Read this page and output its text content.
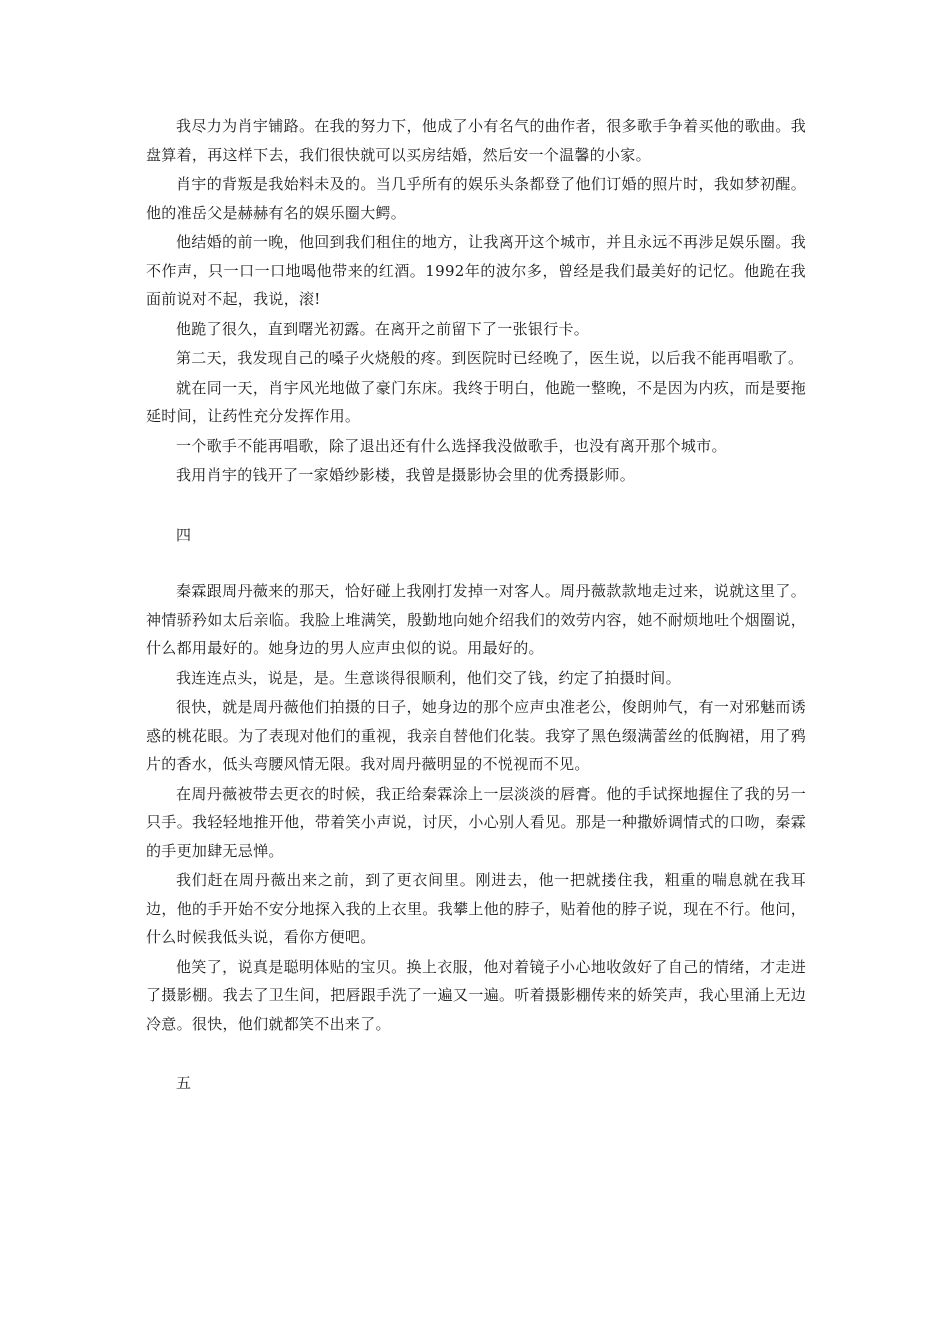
我尽力为肖宇铺路。在我的努力下，他成了小有名气的曲作者，很多歌手争着买他的歌曲。我盘算着，再这样下去，我们很快就可以买房结婚，然后安一个温馨的小家。

肖宇的背叛是我始料未及的。当几乎所有的娱乐头条都登了他们订婚的照片时，我如梦初醒。他的准岳父是赫赫有名的娱乐圈大鳄。

他结婚的前一晚，他回到我们租住的地方，让我离开这个城市，并且永远不再涉足娱乐圈。我不作声，只一口一口地喝他带来的红酒。1992年的波尔多，曾经是我们最美好的记忆。他跪在我面前说对不起，我说，滚!

他跪了很久，直到曙光初露。在离开之前留下了一张银行卡。

第二天，我发现自己的嗓子火烧般的疼。到医院时已经晚了，医生说，以后我不能再唱歌了。

就在同一天，肖宇风光地做了豪门东床。我终于明白，他跪一整晚，不是因为内疚，而是要拖延时间，让药性充分发挥作用。

一个歌手不能再唱歌，除了退出还有什么选择我没做歌手，也没有离开那个城市。

我用肖宇的钱开了一家婚纱影楼，我曾是摄影协会里的优秀摄影师。

四

秦霖跟周丹薇来的那天，恰好碰上我刚打发掉一对客人。周丹薇款款地走过来，说就这里了。神情骄矜如太后亲临。我脸上堆满笑，殷勤地向她介绍我们的效劳内容，她不耐烦地吐个烟圈说，什么都用最好的。她身边的男人应声虫似的说。用最好的。

我连连点头，说是，是。生意谈得很顺利，他们交了钱，约定了拍摄时间。

很快，就是周丹薇他们拍摄的日子，她身边的那个应声虫准老公，俊朗帅气，有一对邪魅而诱惑的桃花眼。为了表现对他们的重视，我亲自替他们化装。我穿了黑色缀满蕾丝的低胸裙，用了鸦片的香水，低头弯腰风情无限。我对周丹薇明显的不悦视而不见。

在周丹薇被带去更衣的时候，我正给秦霖涂上一层淡淡的唇膏。他的手试探地握住了我的另一只手。我轻轻地推开他，带着笑小声说，讨厌，小心别人看见。那是一种撒娇调情式的口吻，秦霖的手更加肆无忌惮。

我们赶在周丹薇出来之前，到了更衣间里。刚进去，他一把就搂住我，粗重的喘息就在我耳边，他的手开始不安分地探入我的上衣里。我攀上他的脖子，贴着他的脖子说，现在不行。他问，什么时候我低头说，看你方便吧。

他笑了，说真是聪明体贴的宝贝。换上衣服，他对着镜子小心地收敛好了自己的情绪，才走进了摄影棚。我去了卫生间，把唇跟手洗了一遍又一遍。听着摄影棚传来的娇笑声，我心里涌上无边冷意。很快，他们就都笑不出来了。

五
